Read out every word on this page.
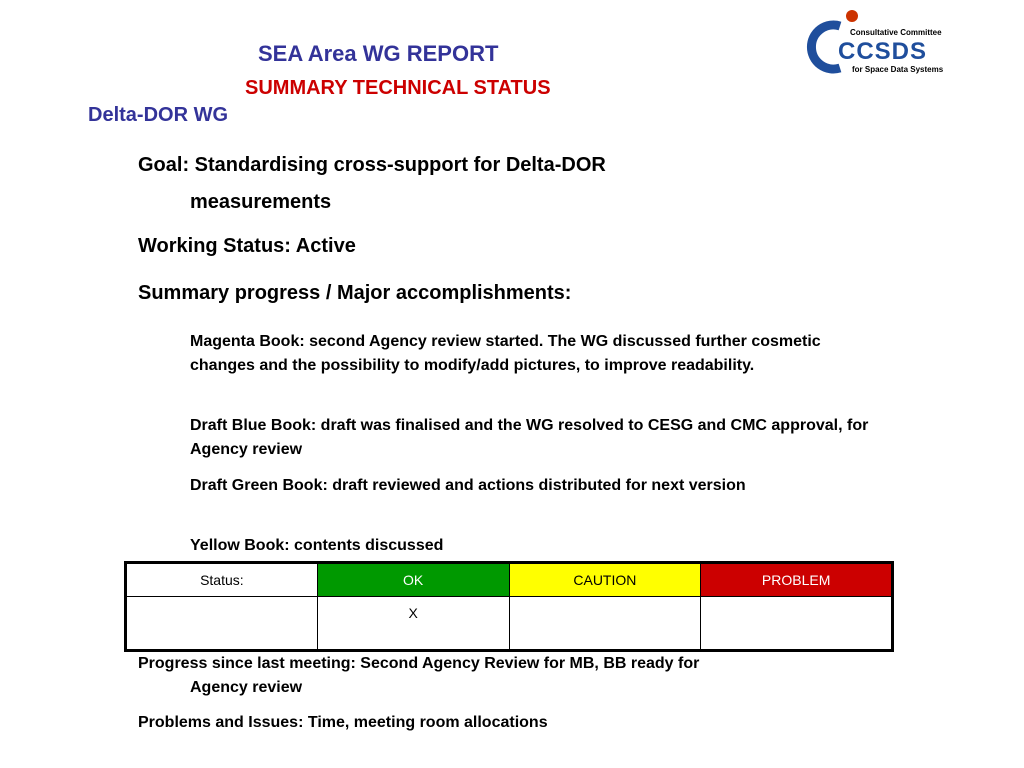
SEA Area WG REPORT
SUMMARY TECHNICAL STATUS
Delta-DOR WG
Consultative Committee
CCSDS
for Space Data Systems
Goal: Standardising cross-support for Delta-DOR
measurements
Working Status: Active
Summary progress / Major accomplishments:
Magenta Book: second Agency review started. The WG discussed further cosmetic changes and the possibility to modify/add pictures, to improve readability.
Draft Blue Book: draft was finalised and the WG resolved to CESG and CMC approval, for Agency review
Draft Green Book: draft reviewed and actions distributed for next version
Yellow Book: contents discussed
Status:	OK	CAUTION	PROBLEM
	X		
Progress since last meeting: Second Agency Review for MB, BB ready for
Agency review
Problems and Issues: Time, meeting room allocations
